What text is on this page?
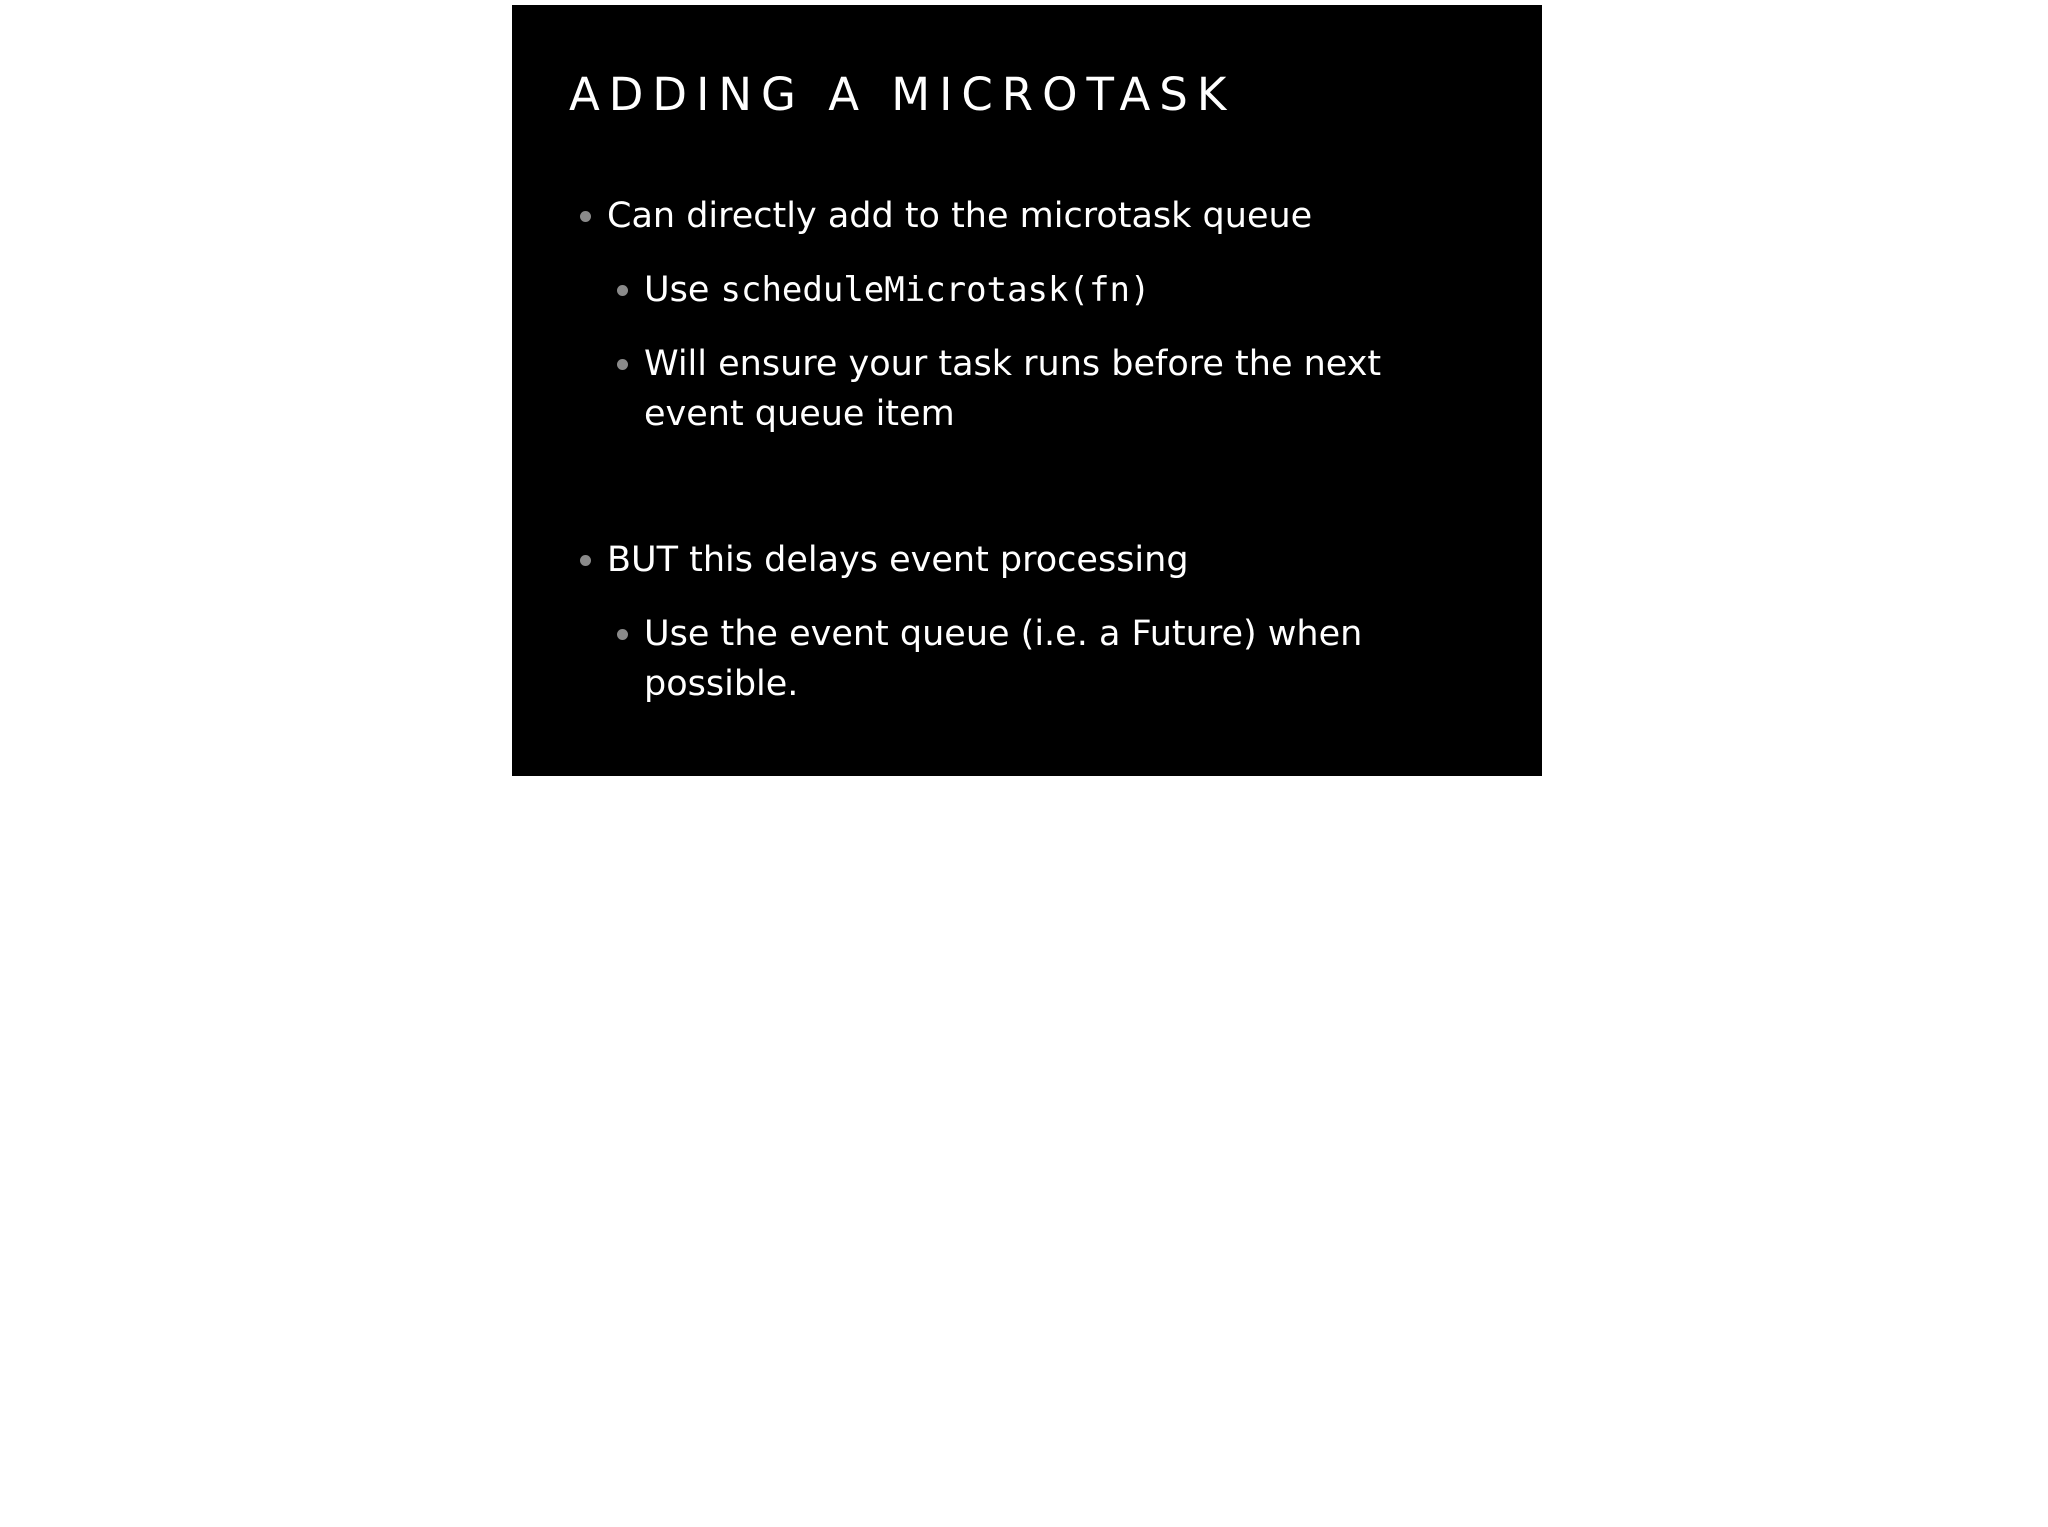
ADDING A MICROTASK
Can directly add to the microtask queue
Use scheduleMicrotask(fn)
Will ensure your task runs before the next event queue item
BUT this delays event processing
Use the event queue (i.e. a Future) when possible.
